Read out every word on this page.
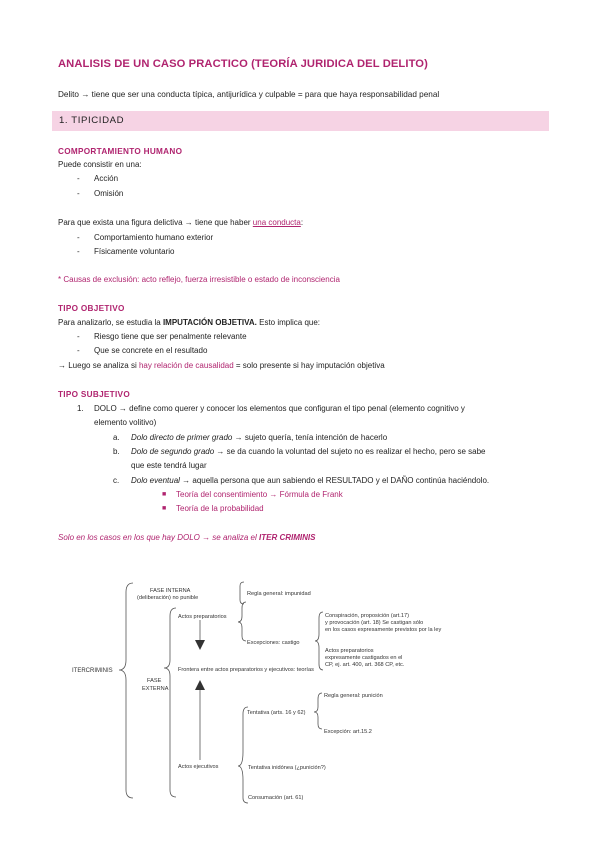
ANALISIS DE UN CASO PRACTICO (TEORÍA JURIDICA DEL DELITO)
Delito → tiene que ser una conducta típica, antijurídica y culpable = para que haya responsabilidad penal
1. TIPICIDAD
COMPORTAMIENTO HUMANO
Puede consistir en una:
- Acción
- Omisión
Para que exista una figura delictiva → tiene que haber una conducta:
- Comportamiento humano exterior
- Físicamente voluntario
* Causas de exclusión: acto reflejo, fuerza irresistible o estado de inconsciencia
TIPO OBJETIVO
Para analizarlo, se estudia la IMPUTACIÓN OBJETIVA. Esto implica que:
- Riesgo tiene que ser penalmente relevante
- Que se concrete en el resultado
→ Luego se analiza si hay relación de causalidad = solo presente si hay imputación objetiva
TIPO SUBJETIVO
1. DOLO → define como querer y conocer los elementos que configuran el tipo penal (elemento cognitivo y
elemento volitivo)
a. Dolo directo de primer grado → sujeto quería, tenía intención de hacerlo
b. Dolo de segundo grado → se da cuando la voluntad del sujeto no es realizar el hecho, pero se sabe
que este tendrá lugar
c. Dolo eventual → aquella persona que aun sabiendo el RESULTADO y el DAÑO continúa haciéndolo.
■ Teoría del consentimiento → Fórmula de Frank
■ Teoría de la probabilidad
Solo en los casos en los que hay DOLO → se analiza el ITER CRIMINIS
ITERCRIMINIS
FASE INTERNA
(deliberación) no punible
FASE
EXTERNA
Regla general: impunidad
Actos preparatorios
Excepciones: castigo
Conspiración, proposición (art.17)
y provocación (art. 18) Se castigan sólo
en los casos expresamente previstos por la ley
Actos preparatorios
expresamente castigados en el
CP, ej. art. 400, art. 368 CP, etc.
Frontera entre actos preparatorios y ejecutivos: teorías
Tentativa (arts. 16 y 62)
Regla general: punición
Excepción: art.15.2
Actos ejecutivos	Tentativa inidónea (¿punición?)
Consumación (art. 61)
